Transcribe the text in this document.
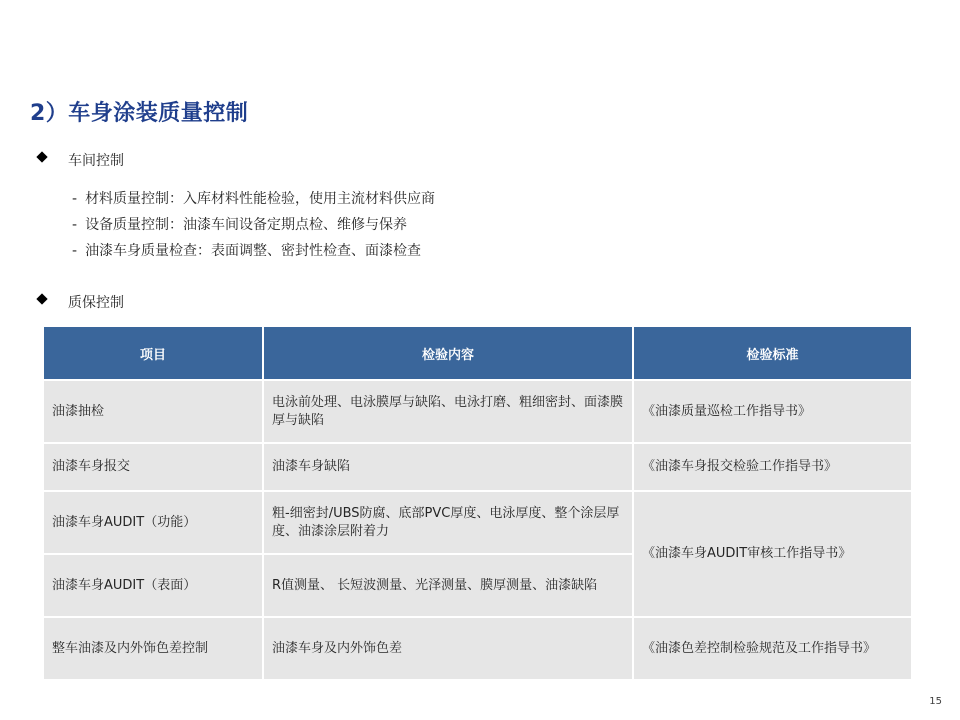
2）车身涂装质量控制
车间控制
- 材料质量控制：入库材料性能检验，使用主流材料供应商
- 设备质量控制：油漆车间设备定期点检、维修与保养
- 油漆车身质量检查：表面调整、密封性检查、面漆检查
质保控制
项目	检验内容	检验标准
油漆抽检	电泳前处理、电泳膜厚与缺陷、电泳打磨、粗细密封、面漆膜厚与缺陷	《油漆质量巡检工作指导书》
油漆车身报交	油漆车身缺陷	《油漆车身报交检验工作指导书》
油漆车身AUDIT（功能）	粗-细密封/UBS防腐、底部PVC厚度、电泳厚度、整个涂层厚度、油漆涂层附着力	《油漆车身AUDIT审核工作指导书》
油漆车身AUDIT（表面）	R值测量、 长短波测量、光泽测量、膜厚测量、油漆缺陷	
整车油漆及内外饰色差控制	油漆车身及内外饰色差	《油漆色差控制检验规范及工作指导书》
15
